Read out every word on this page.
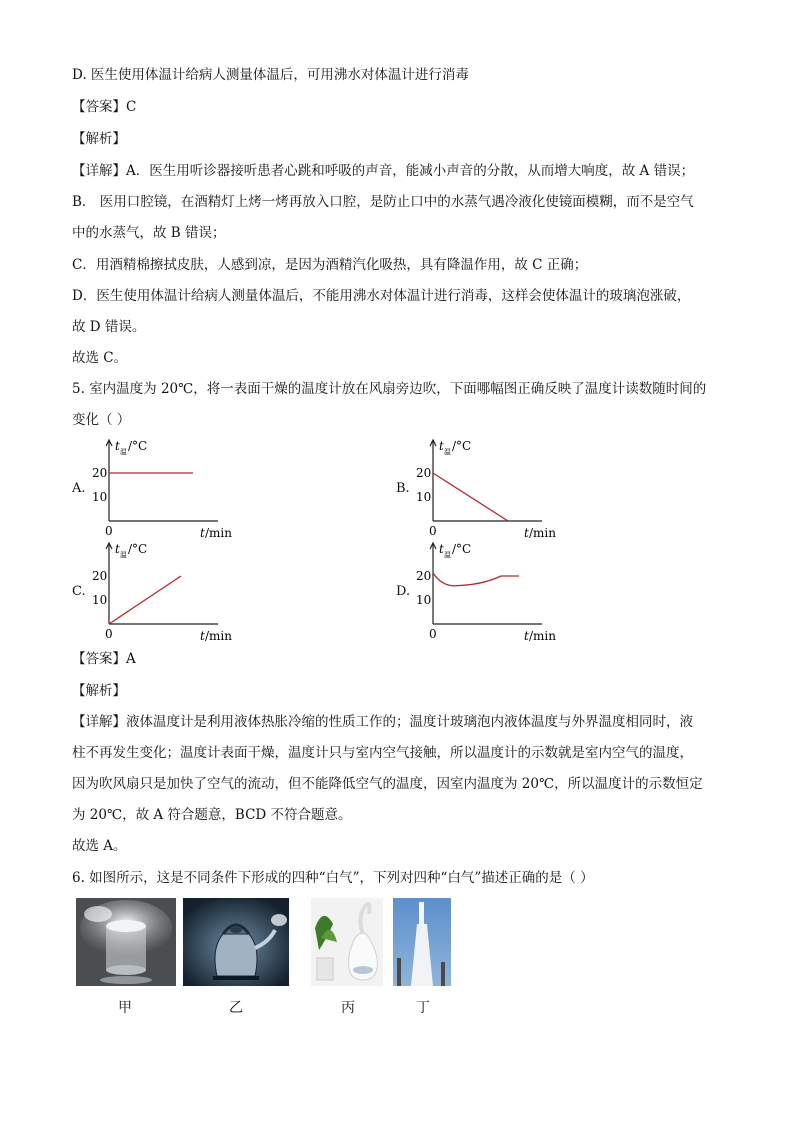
D. 医生使用体温计给病人测量体温后，可用沸水对体温计进行消毒
【答案】C
【解析】
【详解】A．医生用听诊器接听患者心跳和呼吸的声音，能减小声音的分散，从而增大响度，故 A 错误；
B． 医用口腔镜，在酒精灯上烤一烤再放入口腔，是防止口中的水蒸气遇冷液化使镜面模糊，而不是空气
中的水蒸气，故 B 错误；
C．用酒精棉擦拭皮肤，人感到凉，是因为酒精汽化吸热，具有降温作用，故 C 正确；
D．医生使用体温计给病人测量体温后，不能用沸水对体温计进行消毒，这样会使体温计的玻璃泡涨破，
故 D 错误。
故选 C。
5. 室内温度为 20℃，将一表面干燥的温度计放在风扇旁边吹，下面哪幅图正确反映了温度计读数随时间的
变化（ ）
A.
t 温 /°C
20
10
0	t /min
B.
t 温 /°C
20
10
0	t /min
C.
t 温 /°C
20
10
0	t /min
D.
t 温 /°C
20
10
0	t /min
【答案】A
【解析】
【详解】液体温度计是利用液体热胀冷缩的性质工作的；温度计玻璃泡内液体温度与外界温度相同时，液
柱不再发生变化；温度计表面干燥，温度计只与室内空气接触，所以温度计的示数就是室内空气的温度，
因为吹风扇只是加快了空气的流动，但不能降低空气的温度，因室内温度为 20℃，所以温度计的示数恒定
为 20℃，故 A 符合题意，BCD 不符合题意。
故选 A。
6. 如图所示，这是不同条件下形成的四种“白气”，下列对四种“白气”描述正确的是（ ）
甲	乙	丙	丁
